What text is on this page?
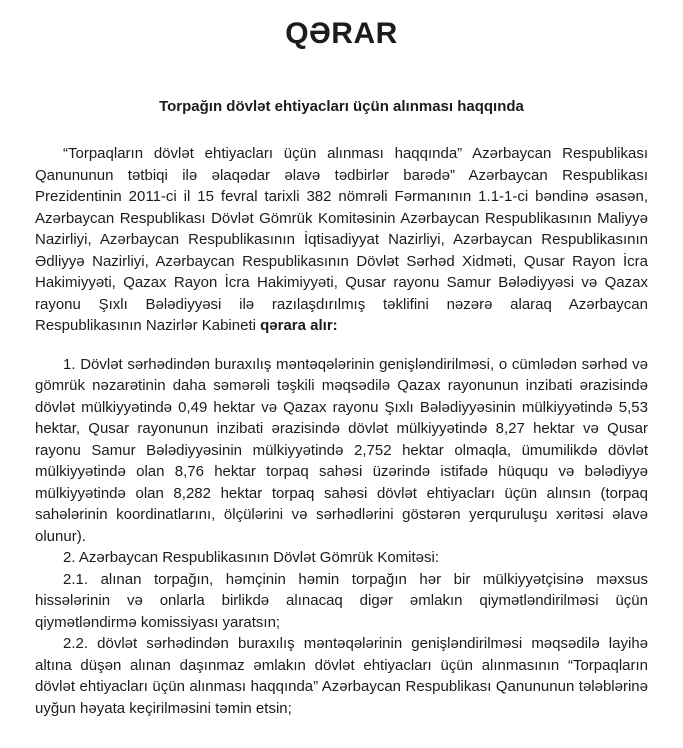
QƏRAR
Torpağın dövlət ehtiyacları üçün alınması haqqında

“Torpaqların dövlət ehtiyacları üçün alınması haqqında” Azərbaycan Respublikası Qanununun tətbiqi ilə əlaqədar əlavə tədbirlər barədə” Azərbaycan Respublikası Prezidentinin 2011-ci il 15 fevral tarixli 382 nömrəli Fərmanının 1.1-1-ci bəndinə əsasən, Azərbaycan Respublikası Dövlət Gömrük Komitəsinin Azərbaycan Respublikasının Maliyyə Nazirliyi, Azərbaycan Respublikasının İqtisadiyyat Nazirliyi, Azərbaycan Respublikasının Ədliyyə Nazirliyi, Azərbaycan Respublikasının Dövlət Sərhəd Xidməti, Qusar Rayon İcra Hakimiyyəti, Qazax Rayon İcra Hakimiyyəti, Qusar rayonu Samur Bələdiyyəsi və Qazax rayonu Şıxlı Bələdiyyəsi ilə razılaşdırılmış təklifini nəzərə alaraq Azərbaycan Respublikasının Nazirlər Kabineti qərara alır:

1. Dövlət sərhədindən buraxılış məntəqələrinin genişləndirilməsi, o cümlədən sərhəd və gömrük nəzarətinin daha səmərəli təşkili məqsədilə Qazax rayonunun inzibati ərazisində dövlət mülkiyyətində 0,49 hektar və Qazax rayonu Şıxlı Bələdiyyəsinin mülkiyyətində 5,53 hektar, Qusar rayonunun inzibati ərazisində dövlət mülkiyyətində 8,27 hektar və Qusar rayonu Samur Bələdiyyəsinin mülkiyyətində 2,752 hektar olmaqla, ümumilikdə dövlət mülkiyyətində olan 8,76 hektar torpaq sahəsi üzərində istifadə hüququ və bələdiyyə mülkiyyətində olan 8,282 hektar torpaq sahəsi dövlət ehtiyacları üçün alınsın (torpaq sahələrinin koordinatlarını, ölçülərini və sərhədlərini göstərən yerquruluşu xəritəsi əlavə olunur).

2. Azərbaycan Respublikasının Dövlət Gömrük Komitəsi:

2.1. alınan torpağın, həmçinin həmin torpağın hər bir mülkiyyətçisinə məxsus hissələrinin və onlarla birlikdə alınacaq digər əmlakın qiymətləndirilməsi üçün qiymətləndirmə komissiyası yaratsın;

2.2. dövlət sərhədindən buraxılış məntəqələrinin genişləndirilməsi məqsədilə layihə altına düşən alınan daşınmaz əmlakın dövlət ehtiyacları üçün alınmasının “Torpaqların dövlət ehtiyacları üçün alınması haqqında” Azərbaycan Respublikası Qanununun tələblərinə uyğun həyata keçirilməsini təmin etsin;
